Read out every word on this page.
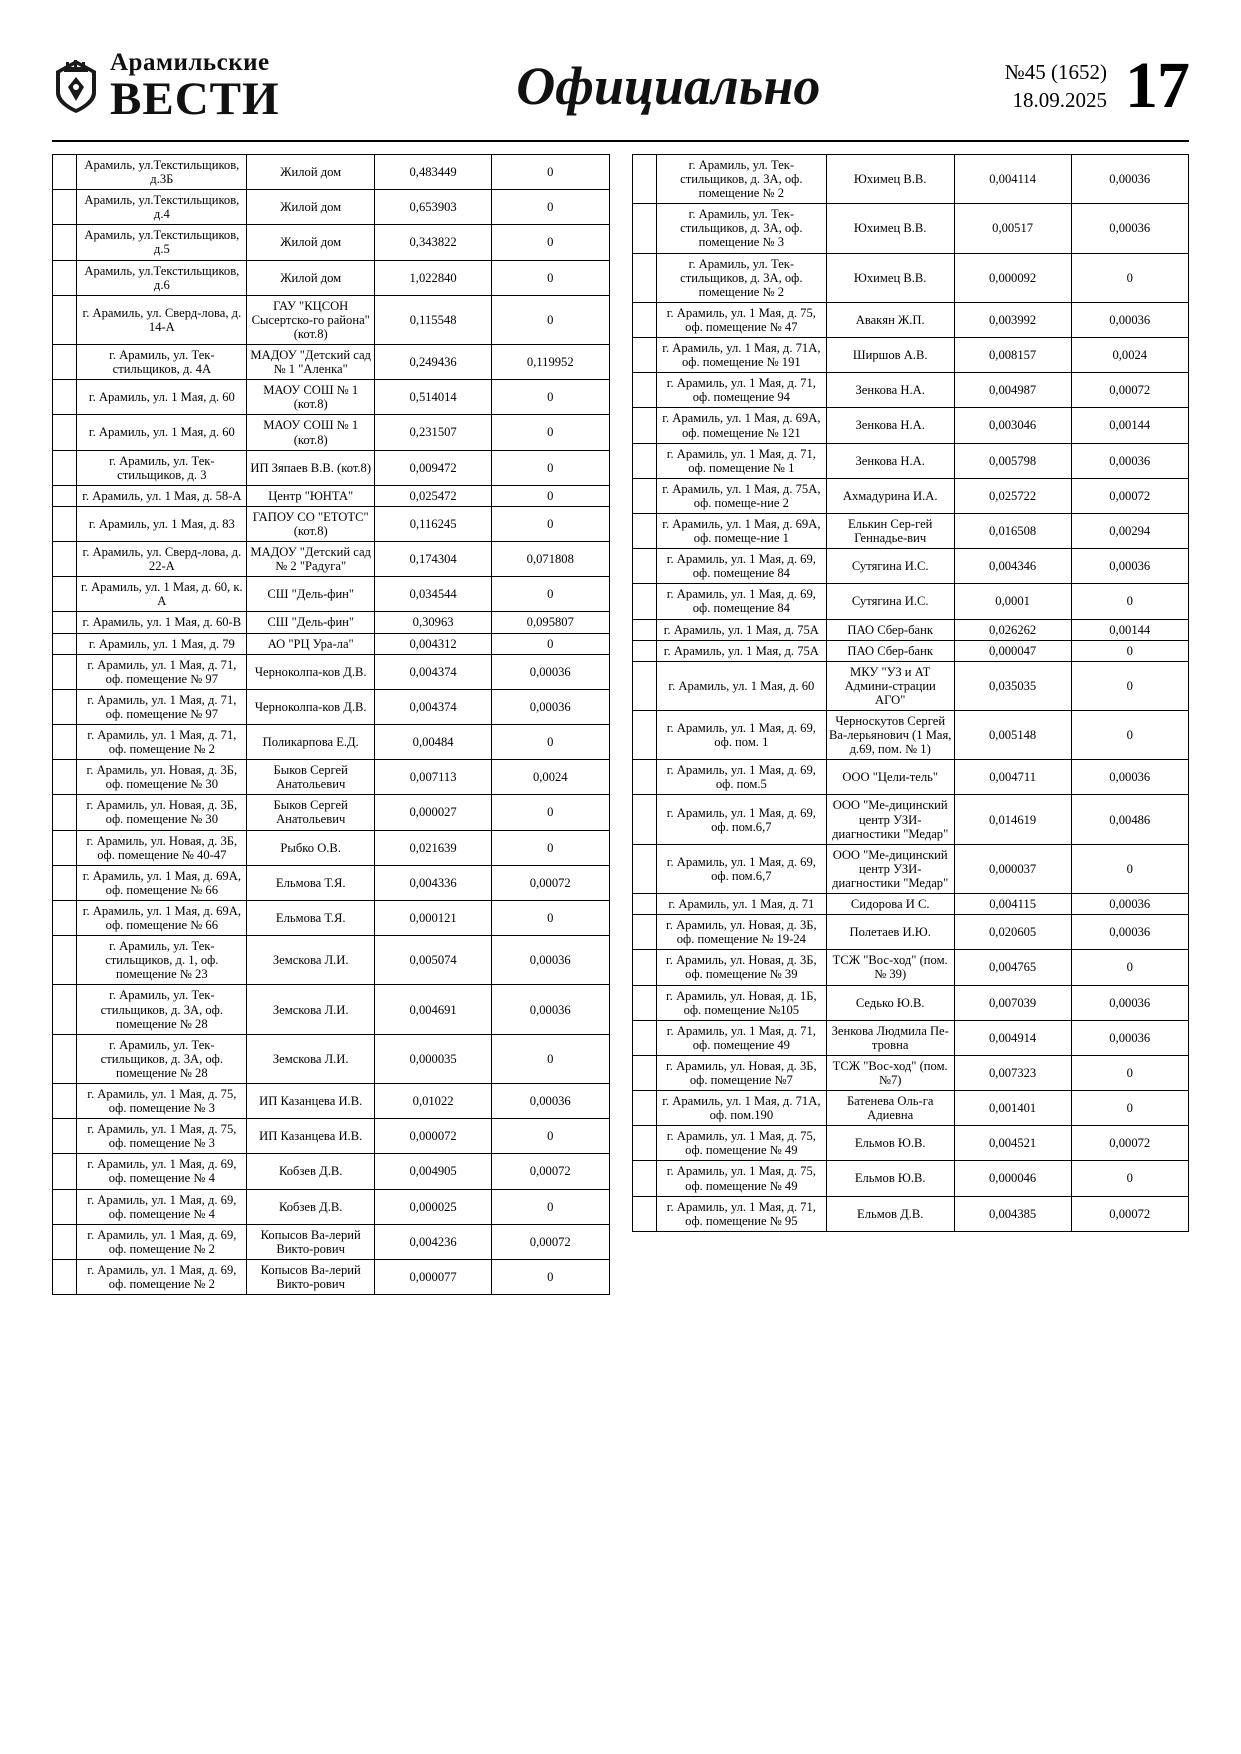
Арамильские
ВЕСТИ	Официально	№45 (1652)
18.09.2025 17
	Арамиль, ул.Текстильщиков, д.3Б	Жилой дом	0,483449	0
	Арамиль, ул.Текстильщиков, д.4	Жилой дом	0,653903	0
	Арамиль, ул.Текстильщиков, д.5	Жилой дом	0,343822	0
	Арамиль, ул.Текстильщиков, д.6	Жилой дом	1,022840	0
	г. Арамиль, ул. Сверд-лова, д. 14-А	ГАУ "КЦСОН Сысертско-го района" (кот.8)	0,115548	0
	г. Арамиль, ул. Тек-стильщиков, д. 4А	МАДОУ "Детский сад № 1 "Аленка"	0,249436	0,119952
	г. Арамиль, ул. 1 Мая, д. 60	МАОУ СОШ № 1 (кот.8)	0,514014	0
	г. Арамиль, ул. 1 Мая, д. 60	МАОУ СОШ № 1 (кот.8)	0,231507	0
	г. Арамиль, ул. Тек-стильщиков, д. 3	ИП Зяпаев В.В. (кот.8)	0,009472	0
	г. Арамиль, ул. 1 Мая, д. 58-А	Центр "ЮНТА"	0,025472	0
	г. Арамиль, ул. 1 Мая, д. 83	ГАПОУ СО "ЕТОТС" (кот.8)	0,116245	0
	г. Арамиль, ул. Сверд-лова, д. 22-А	МАДОУ "Детский сад № 2 "Радуга"	0,174304	0,071808
	г. Арамиль, ул. 1 Мая, д. 60, к. А	СШ "Дель-фин"	0,034544	0
	г. Арамиль, ул. 1 Мая, д. 60-В	СШ "Дель-фин"	0,30963	0,095807
	г. Арамиль, ул. 1 Мая, д. 79	АО "РЦ Ура-ла"	0,004312	0
	г. Арамиль, ул. 1 Мая, д. 71, оф. помещение № 97	Черноколпа-ков Д.В.	0,004374	0,00036
	г. Арамиль, ул. 1 Мая, д. 71, оф. помещение № 97	Черноколпа-ков Д.В.	0,004374	0,00036
	г. Арамиль, ул. 1 Мая, д. 71, оф. помещение № 2	Поликарпова Е.Д.	0,00484	0
	г. Арамиль, ул. Новая, д. 3Б, оф. помещение № 30	Быков Сергей Анатольевич	0,007113	0,0024
	г. Арамиль, ул. Новая, д. 3Б, оф. помещение № 30	Быков Сергей Анатольевич	0,000027	0
	г. Арамиль, ул. Новая, д. 3Б, оф. помещение № 40-47	Рыбко О.В.	0,021639	0
	г. Арамиль, ул. 1 Мая, д. 69А, оф. помещение № 66	Ельмова Т.Я.	0,004336	0,00072
	г. Арамиль, ул. 1 Мая, д. 69А, оф. помещение № 66	Ельмова Т.Я.	0,000121	0
	г. Арамиль, ул. Тек-стильщиков, д. 1, оф. помещение № 23	Земскова Л.И.	0,005074	0,00036
	г. Арамиль, ул. Тек-стильщиков, д. 3А, оф. помещение № 28	Земскова Л.И.	0,004691	0,00036
	г. Арамиль, ул. Тек-стильщиков, д. 3А, оф. помещение № 28	Земскова Л.И.	0,000035	0
	г. Арамиль, ул. 1 Мая, д. 75, оф. помещение № 3	ИП Казанцева И.В.	0,01022	0,00036
	г. Арамиль, ул. 1 Мая, д. 75, оф. помещение № 3	ИП Казанцева И.В.	0,000072	0
	г. Арамиль, ул. 1 Мая, д. 69, оф. помещение № 4	Кобзев Д.В.	0,004905	0,00072
	г. Арамиль, ул. 1 Мая, д. 69, оф. помещение № 4	Кобзев Д.В.	0,000025	0
	г. Арамиль, ул. 1 Мая, д. 69, оф. помещение № 2	Копысов Ва-лерий Викто-рович	0,004236	0,00072
	г. Арамиль, ул. 1 Мая, д. 69, оф. помещение № 2	Копысов Ва-лерий Викто-рович	0,000077	0
	г. Арамиль, ул. Тек-стильщиков, д. 3А, оф. помещение № 2	Юхимец В.В.	0,004114	0,00036
	г. Арамиль, ул. Тек-стильщиков, д. 3А, оф. помещение № 3	Юхимец В.В.	0,00517	0,00036
	г. Арамиль, ул. Тек-стильщиков, д. 3А, оф. помещение № 2	Юхимец В.В.	0,000092	0
	г. Арамиль, ул. 1 Мая, д. 75, оф. помещение № 47	Авакян Ж.П.	0,003992	0,00036
	г. Арамиль, ул. 1 Мая, д. 71А, оф. помещение № 191	Ширшов А.В.	0,008157	0,0024
	г. Арамиль, ул. 1 Мая, д. 71, оф. помещение 94	Зенкова Н.А.	0,004987	0,00072
	г. Арамиль, ул. 1 Мая, д. 69А, оф. помещение № 121	Зенкова Н.А.	0,003046	0,00144
	г. Арамиль, ул. 1 Мая, д. 71, оф. помещение № 1	Зенкова Н.А.	0,005798	0,00036
	г. Арамиль, ул. 1 Мая, д. 75А, оф. помеще-ние 2	Ахмадурина И.А.	0,025722	0,00072
	г. Арамиль, ул. 1 Мая, д. 69А, оф. помеще-ние 1	Елькин Сер-гей Геннадье-вич	0,016508	0,00294
	г. Арамиль, ул. 1 Мая, д. 69, оф. помещение 84	Сутягина И.С.	0,004346	0,00036
	г. Арамиль, ул. 1 Мая, д. 69, оф. помещение 84	Сутягина И.С.	0,0001	0
	г. Арамиль, ул. 1 Мая, д. 75А	ПАО Сбер-банк	0,026262	0,00144
	г. Арамиль, ул. 1 Мая, д. 75А	ПАО Сбер-банк	0,000047	0
	г. Арамиль, ул. 1 Мая, д. 60	МКУ "УЗ и АТ Админи-страции АГО"	0,035035	0
	г. Арамиль, ул. 1 Мая, д. 69, оф. пом. 1	Черноскутов Сергей Ва-лерьянович (1 Мая, д.69, пом. № 1)	0,005148	0
	г. Арамиль, ул. 1 Мая, д. 69, оф. пом.5	ООО "Цели-тель"	0,004711	0,00036
	г. Арамиль, ул. 1 Мая, д. 69, оф. пом.6,7	ООО "Ме-дицинский центр УЗИ-диагностики "Медар"	0,014619	0,00486
	г. Арамиль, ул. 1 Мая, д. 69, оф. пом.6,7	ООО "Ме-дицинский центр УЗИ-диагностики "Медар"	0,000037	0
	г. Арамиль, ул. 1 Мая, д. 71	Сидорова И С.	0,004115	0,00036
	г. Арамиль, ул. Новая, д. 3Б, оф. помещение № 19-24	Полетаев И.Ю.	0,020605	0,00036
	г. Арамиль, ул. Новая, д. 3Б, оф. помещение № 39	ТСЖ "Вос-ход" (пом. № 39)	0,004765	0
	г. Арамиль, ул. Новая, д. 1Б, оф. помещение №105	Седько Ю.В.	0,007039	0,00036
	г. Арамиль, ул. 1 Мая, д. 71, оф. помещение 49	Зенкова Людмила Пе-тровна	0,004914	0,00036
	г. Арамиль, ул. Новая, д. 3Б, оф. помещение №7	ТСЖ "Вос-ход" (пом.№7)	0,007323	0
	г. Арамиль, ул. 1 Мая, д. 71А, оф. пом.190	Батенева Оль-га Адиевна	0,001401	0
	г. Арамиль, ул. 1 Мая, д. 75, оф. помещение № 49	Ельмов Ю.В.	0,004521	0,00072
	г. Арамиль, ул. 1 Мая, д. 75, оф. помещение № 49	Ельмов Ю.В.	0,000046	0
	г. Арамиль, ул. 1 Мая, д. 71, оф. помещение № 95	Ельмов Д.В.	0,004385	0,00072
